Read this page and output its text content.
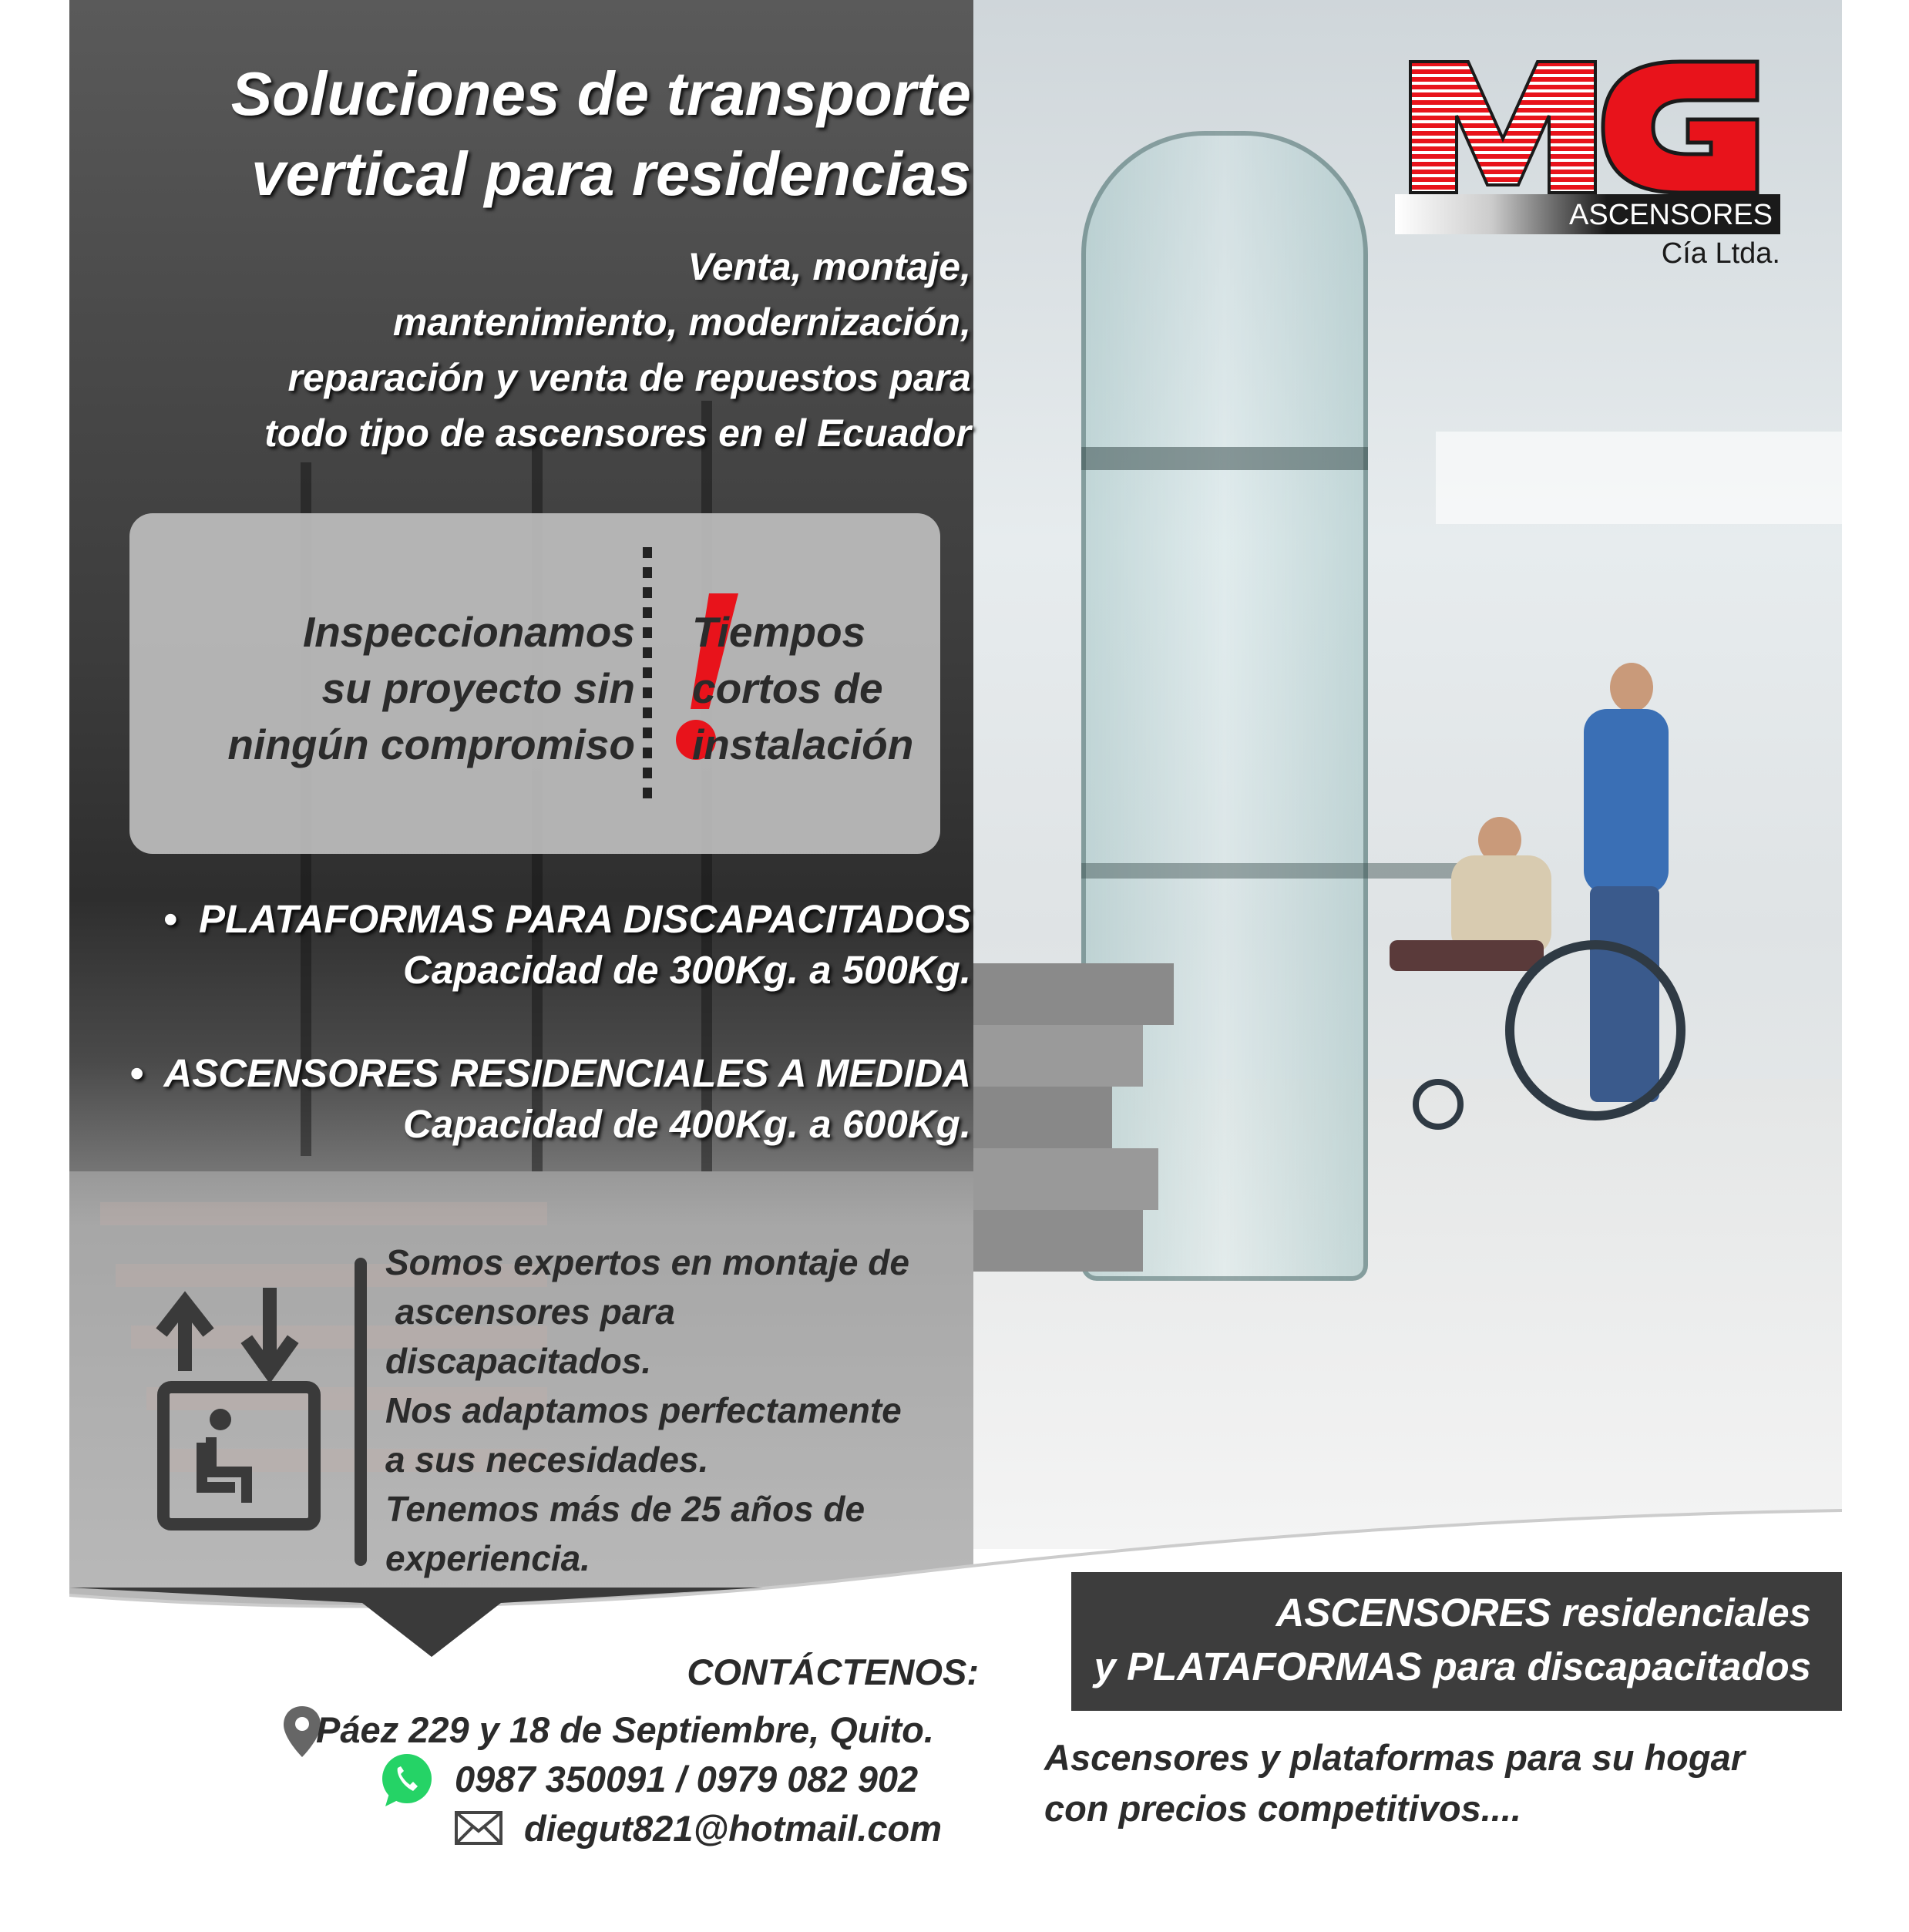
Soluciones de transporte
vertical para residencias
Venta, montaje,
mantenimiento, modernización,
reparación y venta de repuestos para
todo tipo de ascensores en el Ecuador
ASCENSORES
Cía Ltda.
Inspeccionamos
su proyecto sin
ningún compromiso
Tiempos
cortos de
instalación
• PLATAFORMAS PARA DISCAPACITADOS
Capacidad de 300Kg. a 500Kg.
• ASCENSORES RESIDENCIALES A MEDIDA
Capacidad de 400Kg. a 600Kg.
Somos expertos en montaje de
ascensores para
discapacitados.
Nos adaptamos perfectamente
a sus necesidades.
Tenemos más de 25 años de
experiencia.
ASCENSORES residenciales
y PLATAFORMAS para discapacitados
Ascensores y plataformas para su hogar
con precios competitivos....
CONTÁCTENOS:
Páez 229 y 18 de Septiembre, Quito.
0987 350091 / 0979 082 902
diegut821@hotmail.com
